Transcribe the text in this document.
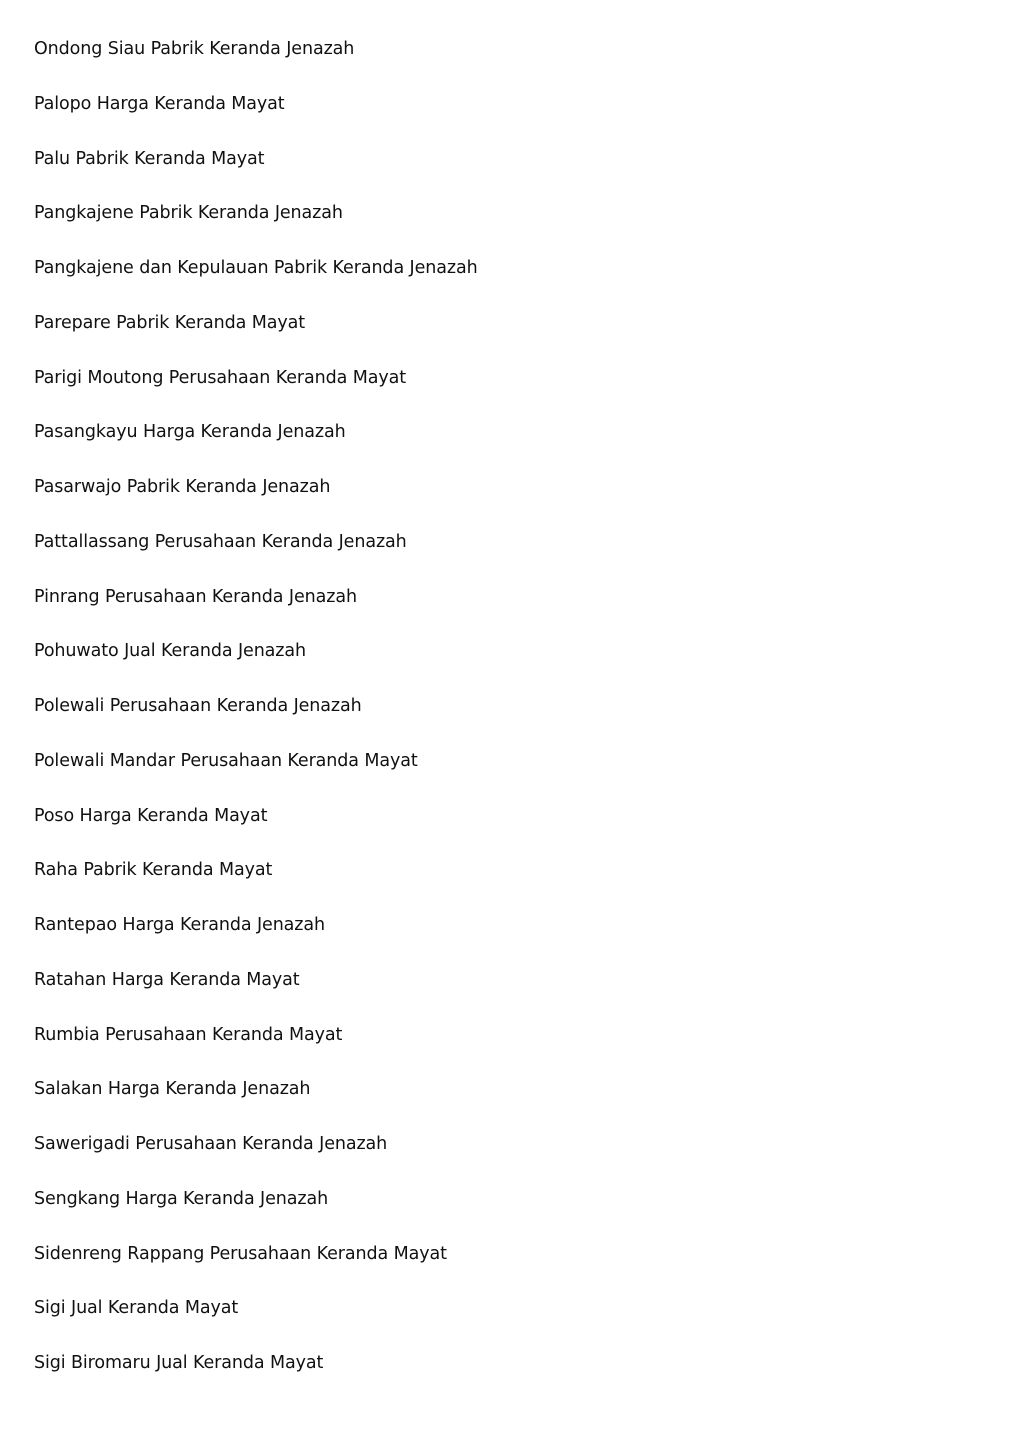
Ondong Siau Pabrik Keranda Jenazah
Palopo Harga Keranda Mayat
Palu Pabrik Keranda Mayat
Pangkajene Pabrik Keranda Jenazah
Pangkajene dan Kepulauan Pabrik Keranda Jenazah
Parepare Pabrik Keranda Mayat
Parigi Moutong Perusahaan Keranda Mayat
Pasangkayu Harga Keranda Jenazah
Pasarwajo Pabrik Keranda Jenazah
Pattallassang Perusahaan Keranda Jenazah
Pinrang Perusahaan Keranda Jenazah
Pohuwato Jual Keranda Jenazah
Polewali Perusahaan Keranda Jenazah
Polewali Mandar Perusahaan Keranda Mayat
Poso Harga Keranda Mayat
Raha Pabrik Keranda Mayat
Rantepao Harga Keranda Jenazah
Ratahan Harga Keranda Mayat
Rumbia Perusahaan Keranda Mayat
Salakan Harga Keranda Jenazah
Sawerigadi Perusahaan Keranda Jenazah
Sengkang Harga Keranda Jenazah
Sidenreng Rappang Perusahaan Keranda Mayat
Sigi Jual Keranda Mayat
Sigi Biromaru Jual Keranda Mayat
